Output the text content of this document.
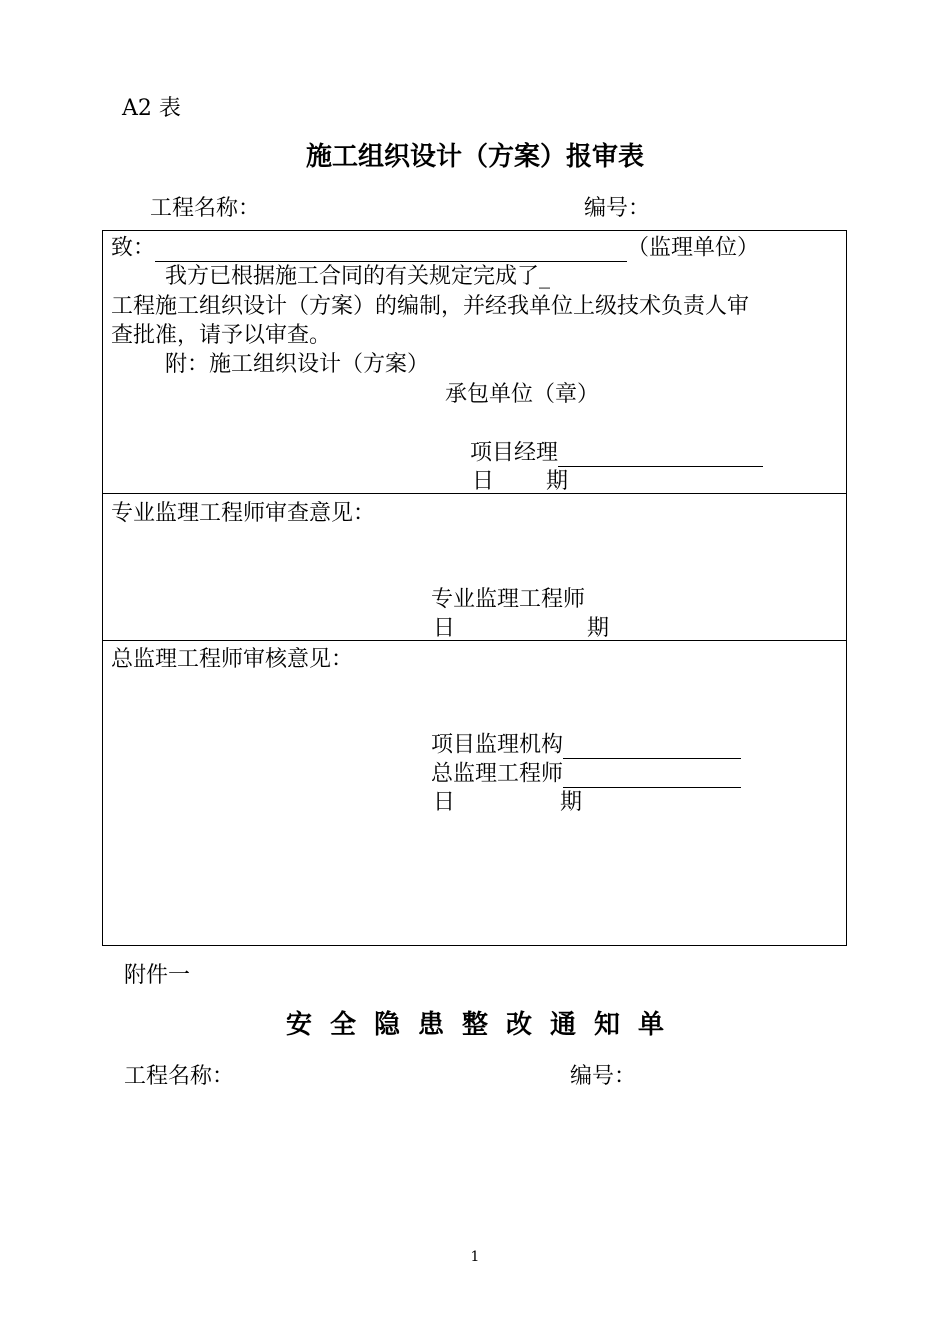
A2 表
施工组织设计（方案）报审表
工程名称：	编号：
致：	（监理单位）
我方已根据施工合同的有关规定完成了_
工程施工组织设计（方案）的编制，并经我单位上级技术负责人审
查批准，请予以审查。
附：施工组织设计（方案）
承包单位（章）
项目经理
日 期
专业监理工程师审查意见：
专业监理工程师
日	期
总监理工程师审核意见：
项目监理机构
总监理工程师
日	期
附件一
安全隐患整改通知单
工程名称：	编号：
1
